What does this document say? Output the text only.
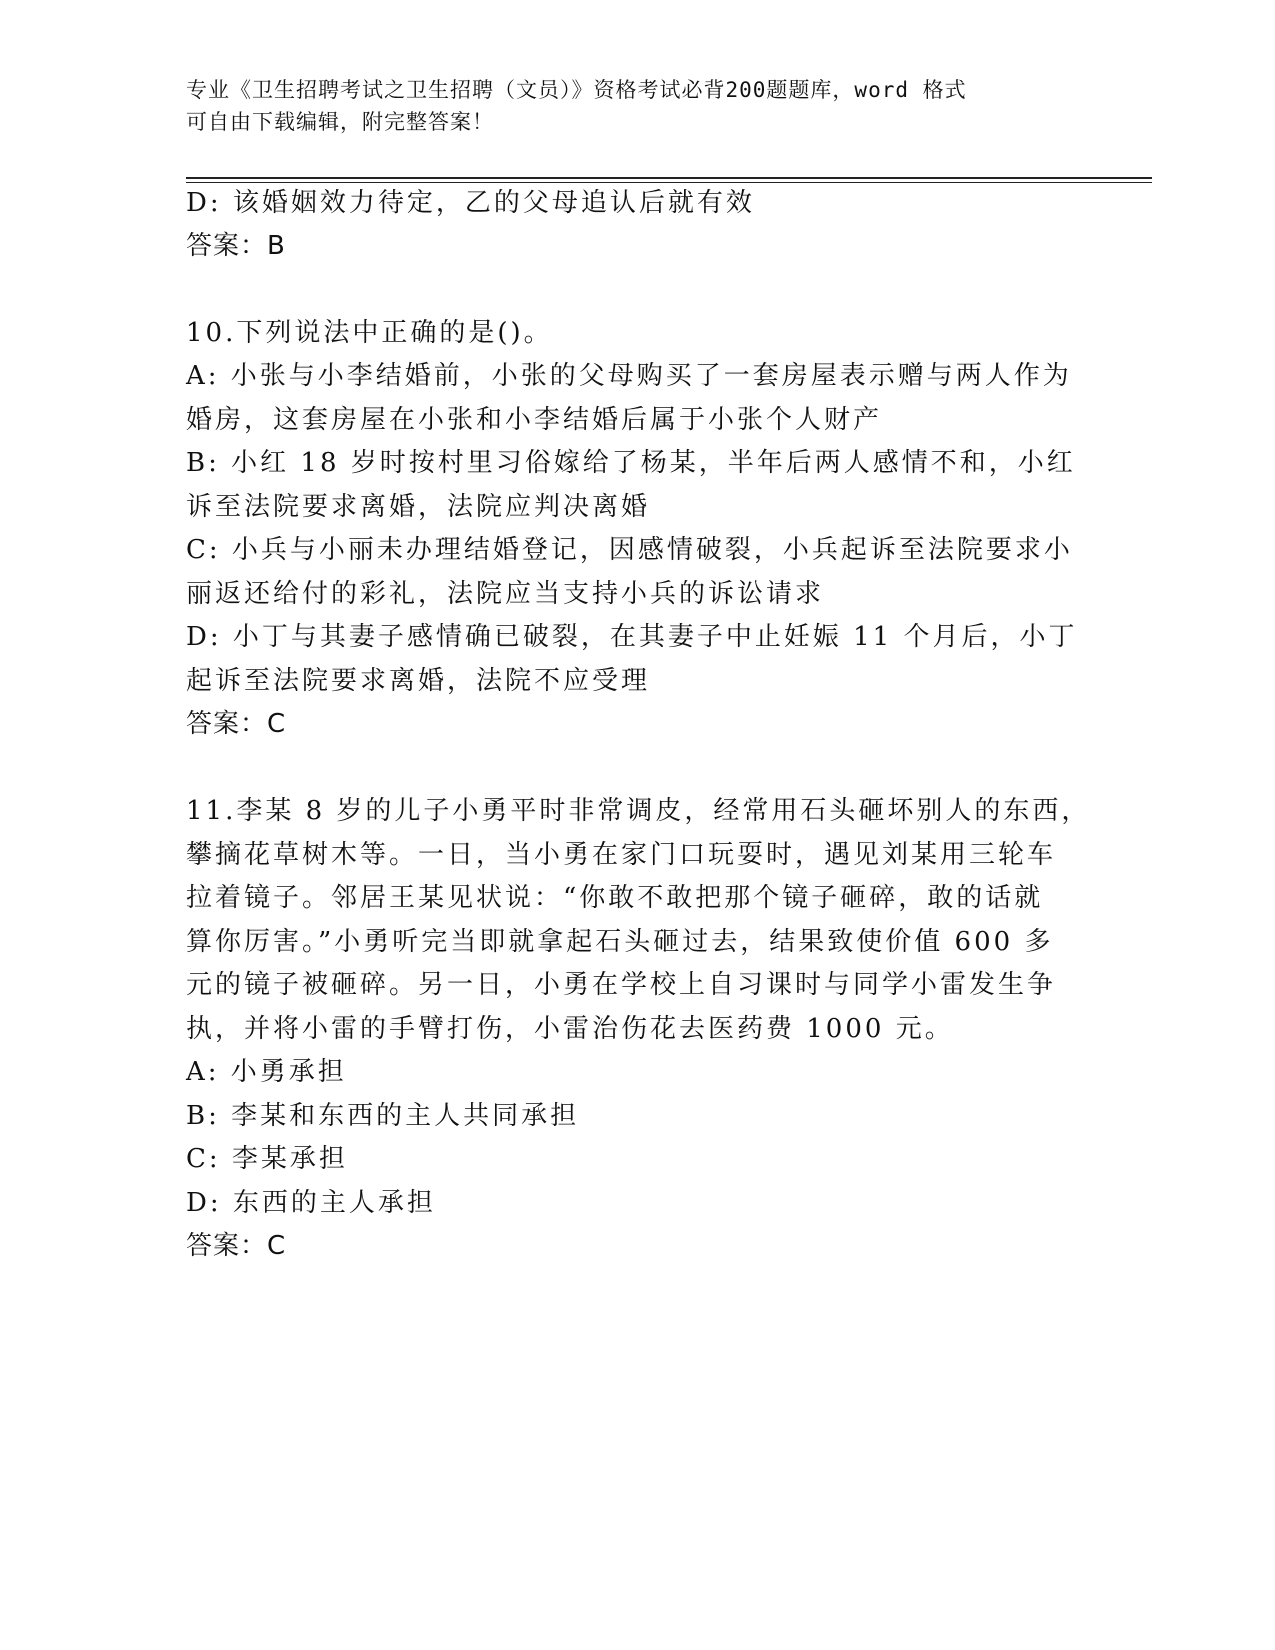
专业《卫生招聘考试之卫生招聘（文员）》资格考试必背200题题库，word 格式
可自由下载编辑，附完整答案！
D: 该婚姻效力待定，乙的父母追认后就有效
答案：B
10.下列说法中正确的是()。
A: 小张与小李结婚前，小张的父母购买了一套房屋表示赠与两人作为
婚房，这套房屋在小张和小李结婚后属于小张个人财产
B: 小红 18 岁时按村里习俗嫁给了杨某，半年后两人感情不和，小红
诉至法院要求离婚，法院应判决离婚
C: 小兵与小丽未办理结婚登记，因感情破裂，小兵起诉至法院要求小
丽返还给付的彩礼，法院应当支持小兵的诉讼请求
D: 小丁与其妻子感情确已破裂，在其妻子中止妊娠 11 个月后，小丁
起诉至法院要求离婚，法院不应受理
答案：C
11.李某 8 岁的儿子小勇平时非常调皮，经常用石头砸坏别人的东西，
攀摘花草树木等。一日，当小勇在家门口玩耍时，遇见刘某用三轮车
拉着镜子。邻居王某见状说：“你敢不敢把那个镜子砸碎，敢的话就
算你厉害。”小勇听完当即就拿起石头砸过去，结果致使价值 600 多
元的镜子被砸碎。另一日，小勇在学校上自习课时与同学小雷发生争
执，并将小雷的手臂打伤，小雷治伤花去医药费 1000 元。
A: 小勇承担
B: 李某和东西的主人共同承担
C: 李某承担
D: 东西的主人承担
答案：C
